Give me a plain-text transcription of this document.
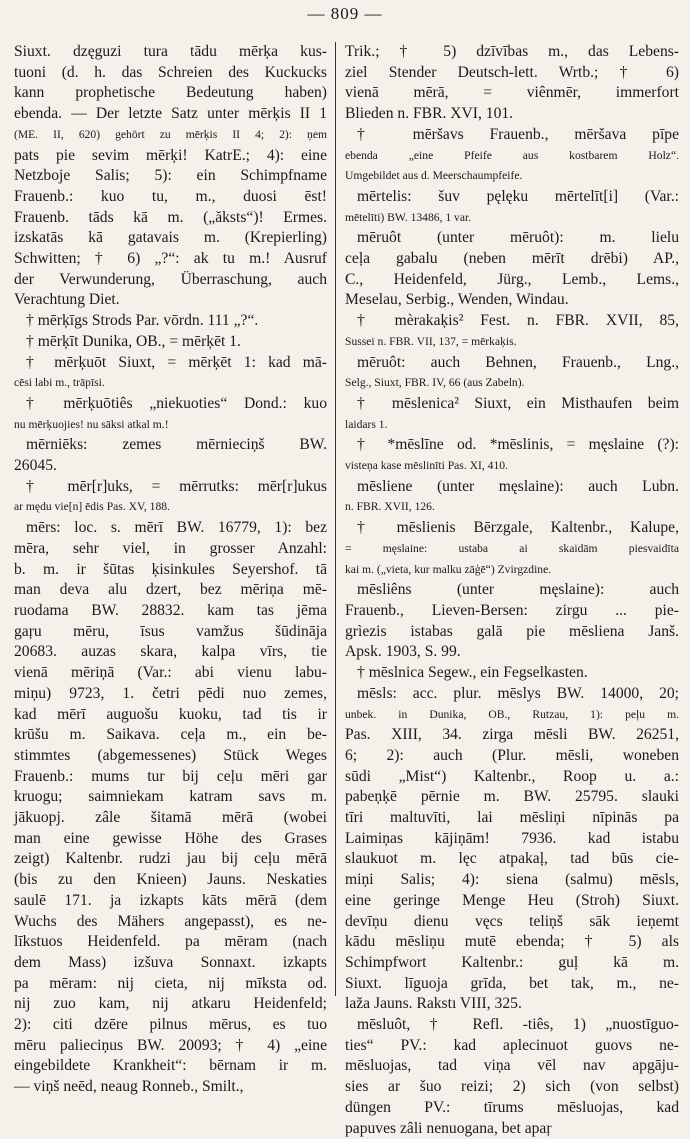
— 809 —
Siuxt. dzęguzi tura tādu mērķa kus-
tuoni (d. h. das Schreien des Kuckucks
kann prophetische Bedeutung haben)
ebenda. — Der letzte Satz unter mērķis II 1
(ME. II, 620) gehört zu mērķis II 4; 2): ņem
pats pie sevim mērķi! KatrE.; 4): eine
Netzboje Salis; 5): ein Schimpfname
Frauenb.: kuo tu, m., duosi ēst!
Frauenb. tāds kā m. („ăksts“)! Ermes.
izskatās kā gatavais m. (Krepierling)
Schwitten; † 6) „?“: ak tu m.! Ausruf
der Verwunderung, Überraschung, auch
Verachtung Diet.
† mērķīgs Strods Par. vōrdn. 111 „?“.
† mērķīt Dunika, OB., = mērķēt 1.
† mērķuōt Siuxt, = mērķēt 1: kad mā-
cēsi labi m., trāpīsi.
† mērķuōtiês „niekuoties“ Dond.: kuo
nu mērķuojies! nu sāksi atkal m.!
mērniēks: zemes mērnieciņš BW.
26045.
† mēr[r]uks, = mērrutks: mēr[r]ukus
ar mędu vie[n] ēdis Pas. XV, 188.
mērs: loc. s. mērī BW. 16779, 1): bez
mēra, sehr viel, in grosser Anzahl:
b. m. ir šūtas ķisinkules Seyershof. tā
man deva alu dzert, bez mēriņa mē-
ruodama BW. 28832. kam tas jēma
gaŗu mēru, īsus vamžus šūdināja
20683. auzas skara, kalpa vīrs, tie
vienā mēriņā (Var.: abi vienu labu-
miņu) 9723, 1. četri pēdi nuo zemes,
kad mērī auguošu kuoku, tad tis ir
krūšu m. Saikava. ceļa m., ein be-
stimmtes (abgemessenes) Stück Weges
Frauenb.: mums tur bij ceļu mēri gar
kruogu; saimniekam katram savs m.
jākuopj. zâle šitamā mērā (wobei
man eine gewisse Höhe des Grases
zeigt) Kaltenbr. rudzi jau bij ceļu mērā
(bis zu den Knieen) Jauns. Neskaties
saulē 171. ja izkapts kāts mērā (dem
Wuchs des Mähers angepasst), es ne-
līkstuos Heidenfeld. pa mēram (nach
dem Mass) izšuva Sonnaxt. izkapts
pa mēram: nij cieta, nij mīksta od.
nij zuo kam, nij atkaru Heidenfeld;
2): citi dzēre pilnus mērus, es tuo
mēru palieciņus BW. 20093; † 4) „eine
eingebildete Krankheit“: bērnam ir m.
— viņš neēd, neaug Ronneb., Smilt.,
Trik.; † 5) dzīvības m., das Lebens-
ziel Stender Deutsch-lett. Wrtb.; † 6)
vienā mērā, = viênmēr, immerfort
Blieden n. FBR. XVI, 101.
† mēršavs Frauenb., mēršava pīpe
ebenda „eine Pfeife aus kostbarem Holz“.
Umgebildet aus d. Meerschaumpfeife.
mērtelis: šuv pęlęku mērtelīt[i] (Var.:
mētelīti) BW. 13486, 1 var.
mēruôt (unter mēruôt): m. lielu
ceļa gabalu (neben mērīt drēbi) AP.,
C., Heidenfeld, Jürg., Lemb., Lems.,
Meselau, Serbig., Wenden, Windau.
† mèrakaķis² Fest. n. FBR. XVII, 85,
Sussei n. FBR. VII, 137, = mērkaķis.
mēruôt: auch Behnen, Frauenb., Lng.,
Selg., Siuxt, FBR. IV, 66 (aus Zabeln).
† mēslenica² Siuxt, ein Misthaufen beim
laidars 1.
† *mēslīne od. *mēslinis, = męslaine (?):
visteņa kase mēslinīti Pas. XI, 410.
mēsliene (unter męslaine): auch Lubn.
n. FBR. XVII, 126.
† mēslienis Bērzgale, Kaltenbr., Kalupe,
= męslaine: ustaba ai skaidām piesvaidīta
kai m. („vieta, kur malku zāģē“) Zvirgzdine.
mēsliêns (unter męslaine): auch
Frauenb., Lieven-Bersen: zirgu ... pie-
grìezis istabas galā pie mēsliena Janš.
Apsk. 1903, S. 99.
† mēslnica Segew., ein Fegselkasten.
mēsls: acc. plur. mēslys BW. 14000, 20;
unbek. in Dunika, OB., Rutzau, 1): peļu m.
Pas. XIII, 34. zirga mēsli BW. 26251,
6; 2): auch (Plur. mēsli, woneben
sūdi „Mist“) Kaltenbr., Roop u. a.:
pabeņķē pērnie m. BW. 25795. slauki
tīri maltuvīti, lai mēsliņi nīpinās pa
Laimiņas kājiņām! 7936. kad istabu
slaukuot m. lęc atpakaļ, tad būs cie-
miņi Salis; 4): siena (salmu) mēsls,
eine geringe Menge Heu (Stroh) Siuxt.
devīņu dienu vęcs teliņš sāk ieņemt
kādu mēsliņu mutē ebenda; † 5) als
Schimpfwort Kaltenbr.: guļ kā m.
Siuxt. līguoja grīda, bet tak, m., ne-
laža Jauns. Rakstı VIII, 325.
mēsluôt, † Refl. -tiês, 1) „nuostīguo-
ties“ PV.: kad aplecinuot guovs ne-
mēsluojas, tad viņa vēl nav apgāju-
sies ar šuo reizi; 2) sich (von selbst)
düngen PV.: tīrums mēsluojas, kad
papuves zâli nenuogana, bet apaŗ
